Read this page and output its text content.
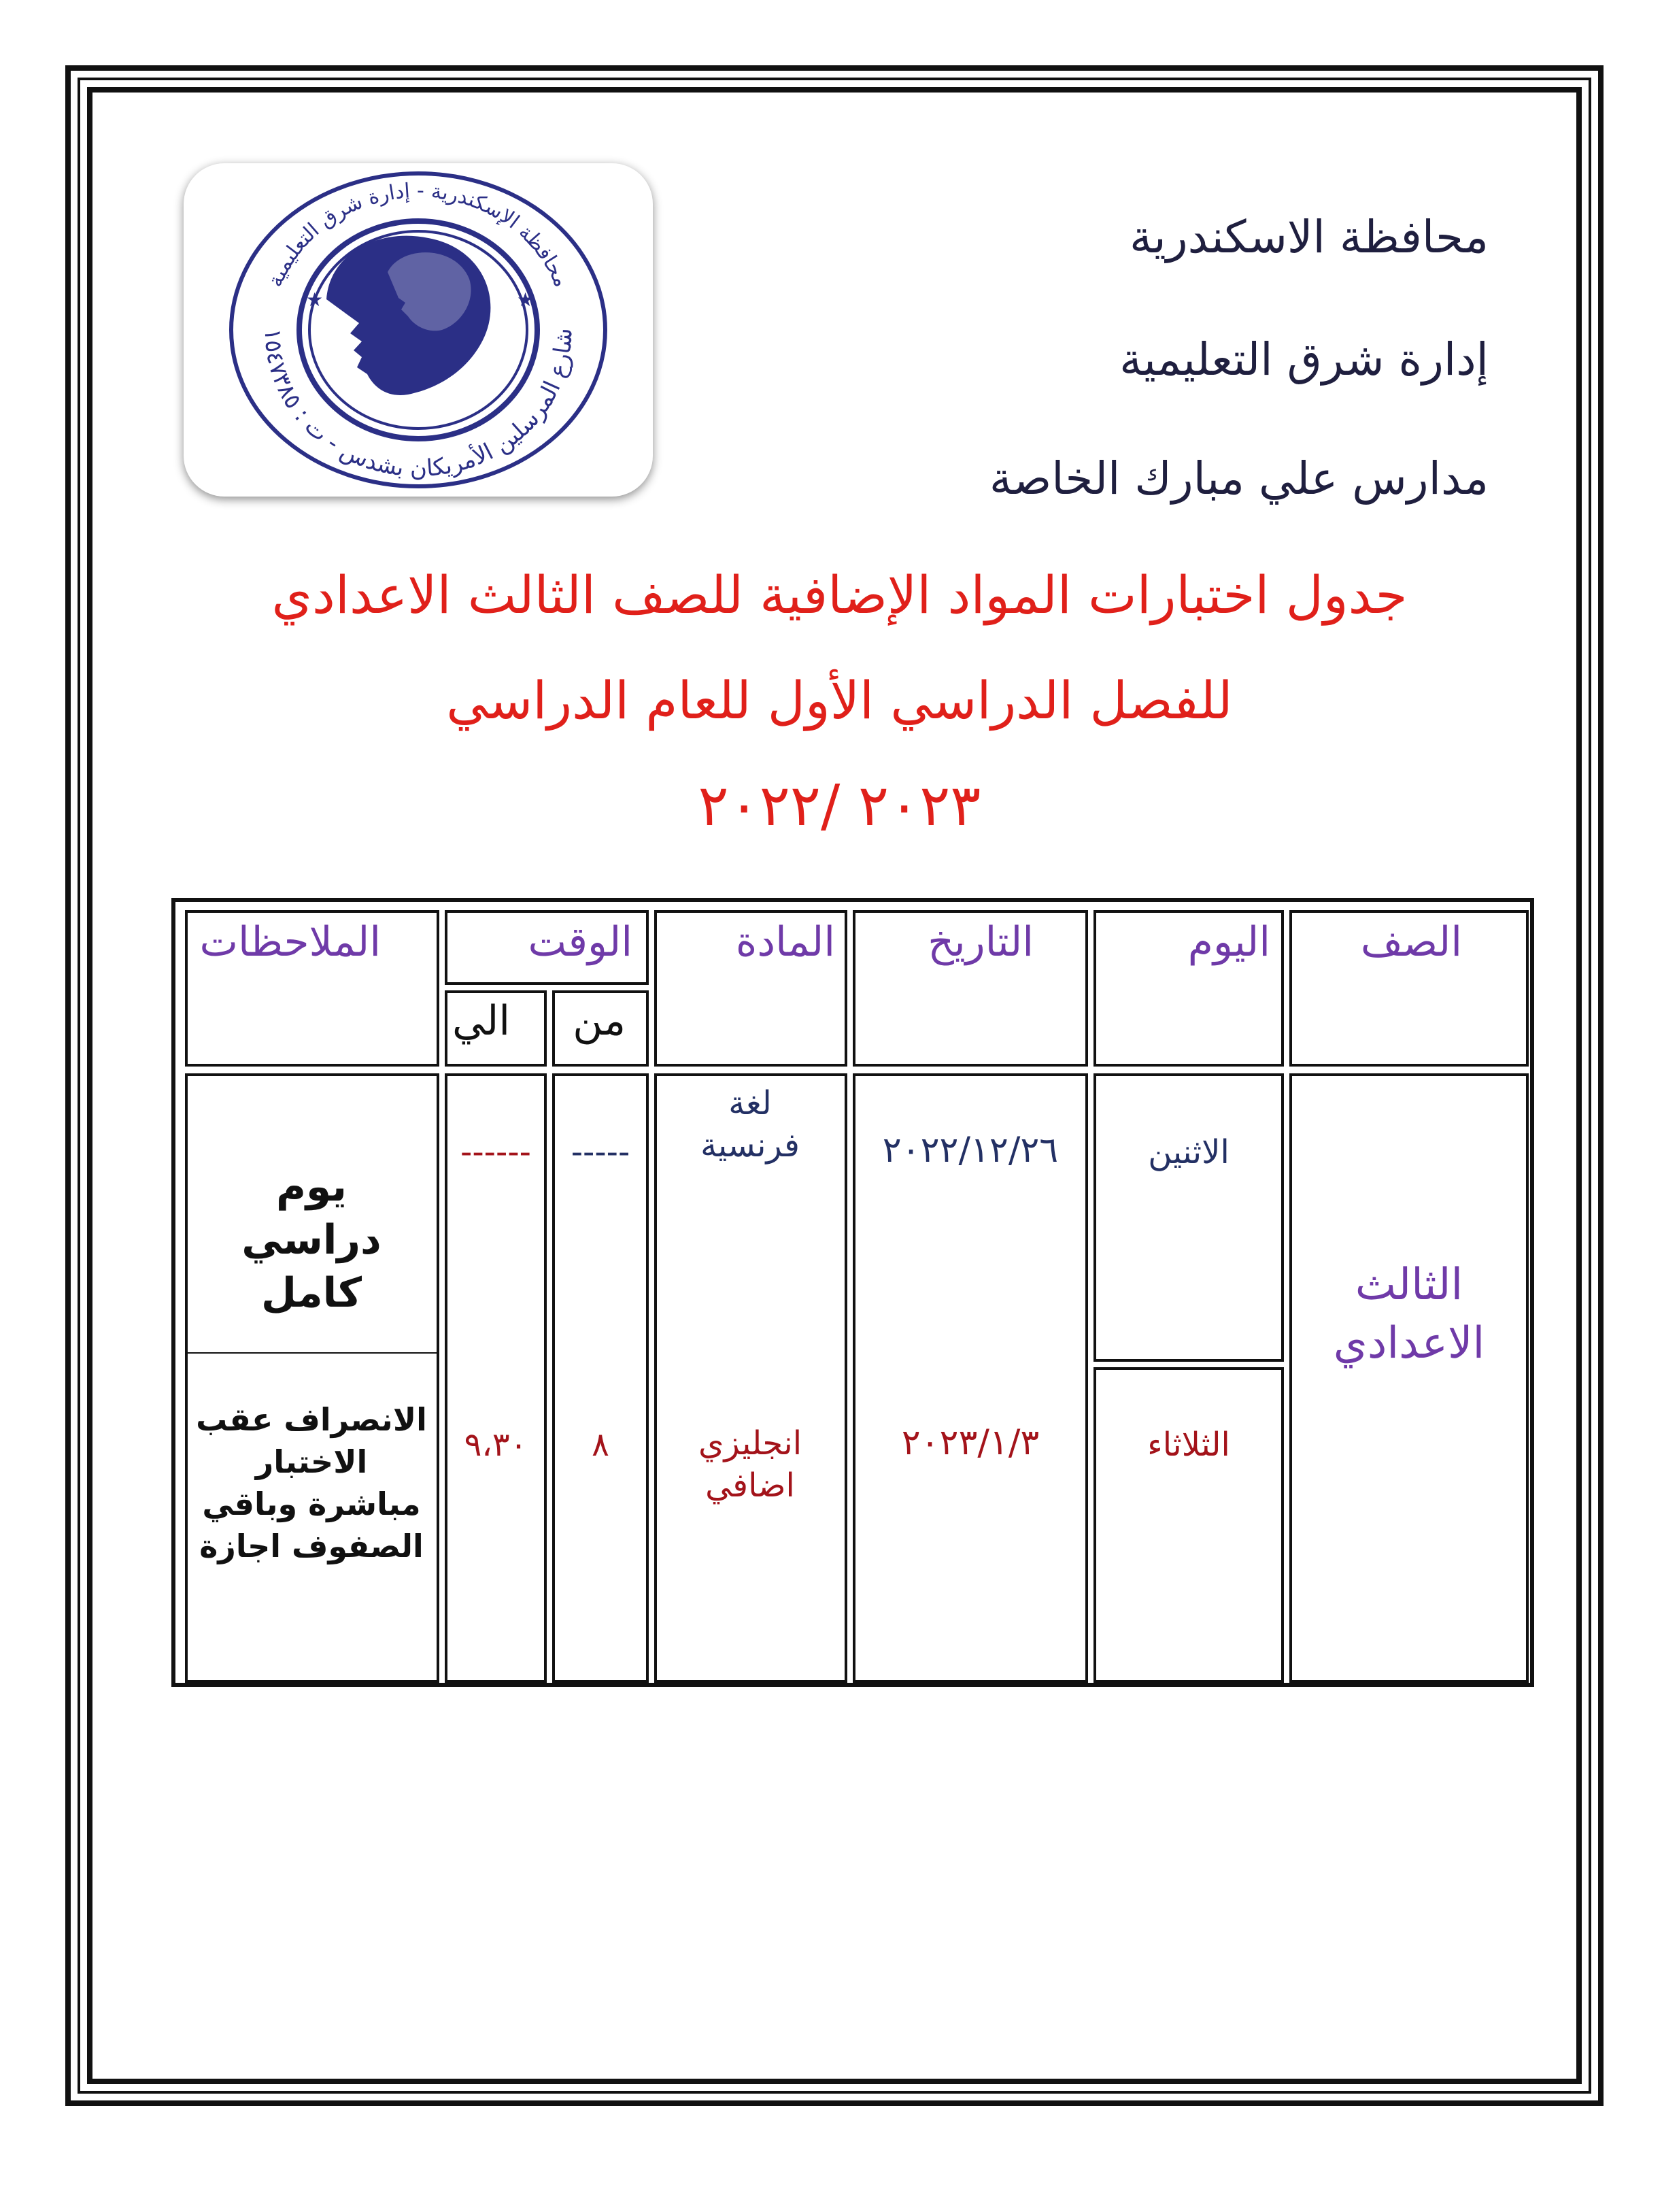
محافظة الإسكندرية - إدارة شرق التعليمية
شارع المرسلين الأمريكان بشدس - ت : ١٥٤٧٣٨٥
★	★
محافظة الاسكندرية
إدارة شرق التعليمية
مدارس علي مبارك الخاصة
جدول اختبارات المواد الإضافية للصف الثالث الاعدادي
للفصل الدراسي الأول للعام الدراسي
٢٠٢٣ /٢٠٢٢
الصف
اليوم
التاريخ
المادة
الوقت
من
الي
الملاحظات
الثالث الاعدادي
الاثنين
٢٠٢٢/١٢/٢٦
لغة فرنسية
-----
------
يوم دراسي كامل
الثلاثاء
٢٠٢٣/١/٣
انجليزي اضافي
٨
٩،٣٠
الانصراف عقب الاختبار مباشرة وباقي الصفوف اجازة
